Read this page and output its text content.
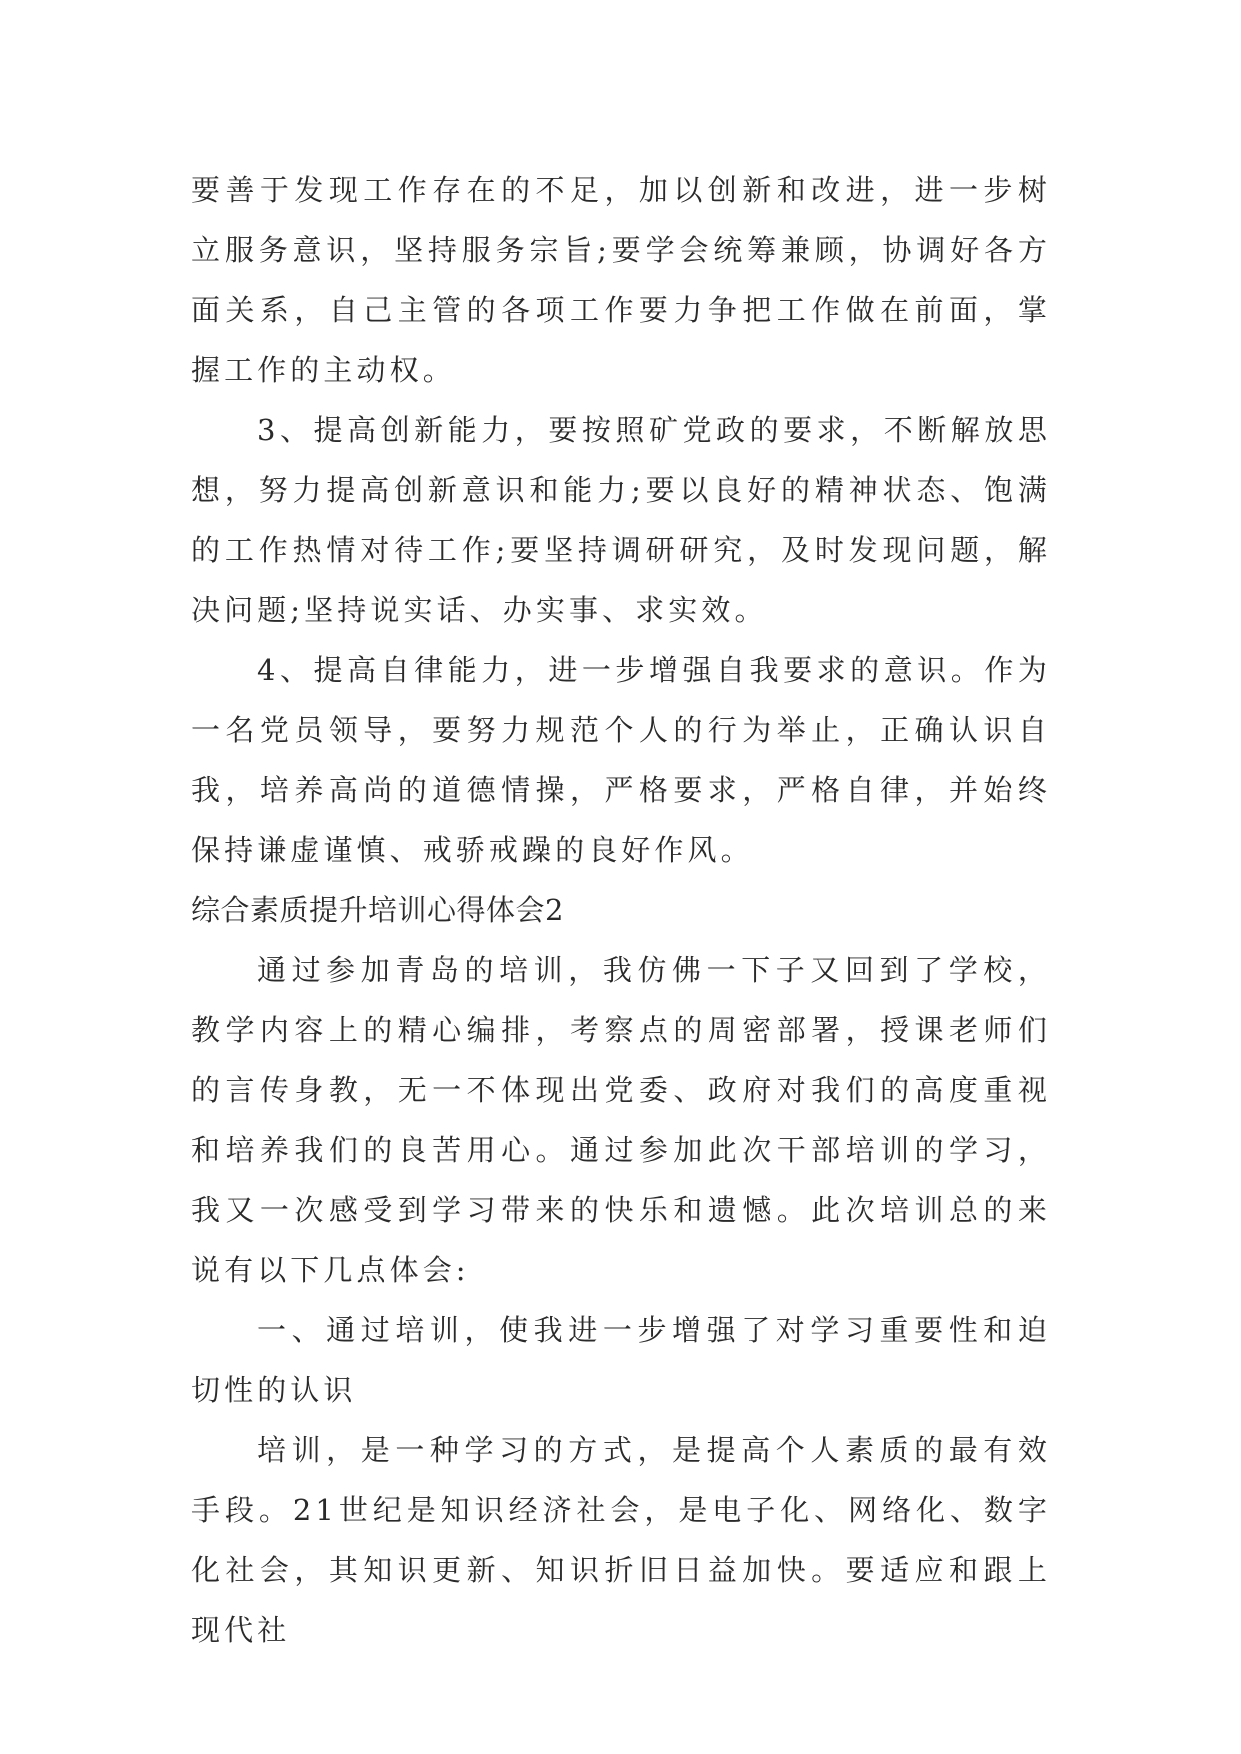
要善于发现工作存在的不足，加以创新和改进，进一步树立服务意识，坚持服务宗旨;要学会统筹兼顾，协调好各方面关系，自己主管的各项工作要力争把工作做在前面，掌握工作的主动权。

3、提高创新能力，要按照矿党政的要求，不断解放思想，努力提高创新意识和能力;要以良好的精神状态、饱满的工作热情对待工作;要坚持调研研究，及时发现问题，解决问题;坚持说实话、办实事、求实效。

4、提高自律能力，进一步增强自我要求的意识。作为一名党员领导，要努力规范个人的行为举止，正确认识自我，培养高尚的道德情操，严格要求，严格自律，并始终保持谦虚谨慎、戒骄戒躁的良好作风。

综合素质提升培训心得体会2

通过参加青岛的培训，我仿佛一下子又回到了学校，教学内容上的精心编排，考察点的周密部署，授课老师们的言传身教，无一不体现出党委、政府对我们的高度重视和培养我们的良苦用心。通过参加此次干部培训的学习，我又一次感受到学习带来的快乐和遗憾。此次培训总的来说有以下几点体会:

一、通过培训，使我进一步增强了对学习重要性和迫切性的认识

培训，是一种学习的方式，是提高个人素质的最有效手段。21世纪是知识经济社会，是电子化、网络化、数字化社会，其知识更新、知识折旧日益加快。要适应和跟上现代社
